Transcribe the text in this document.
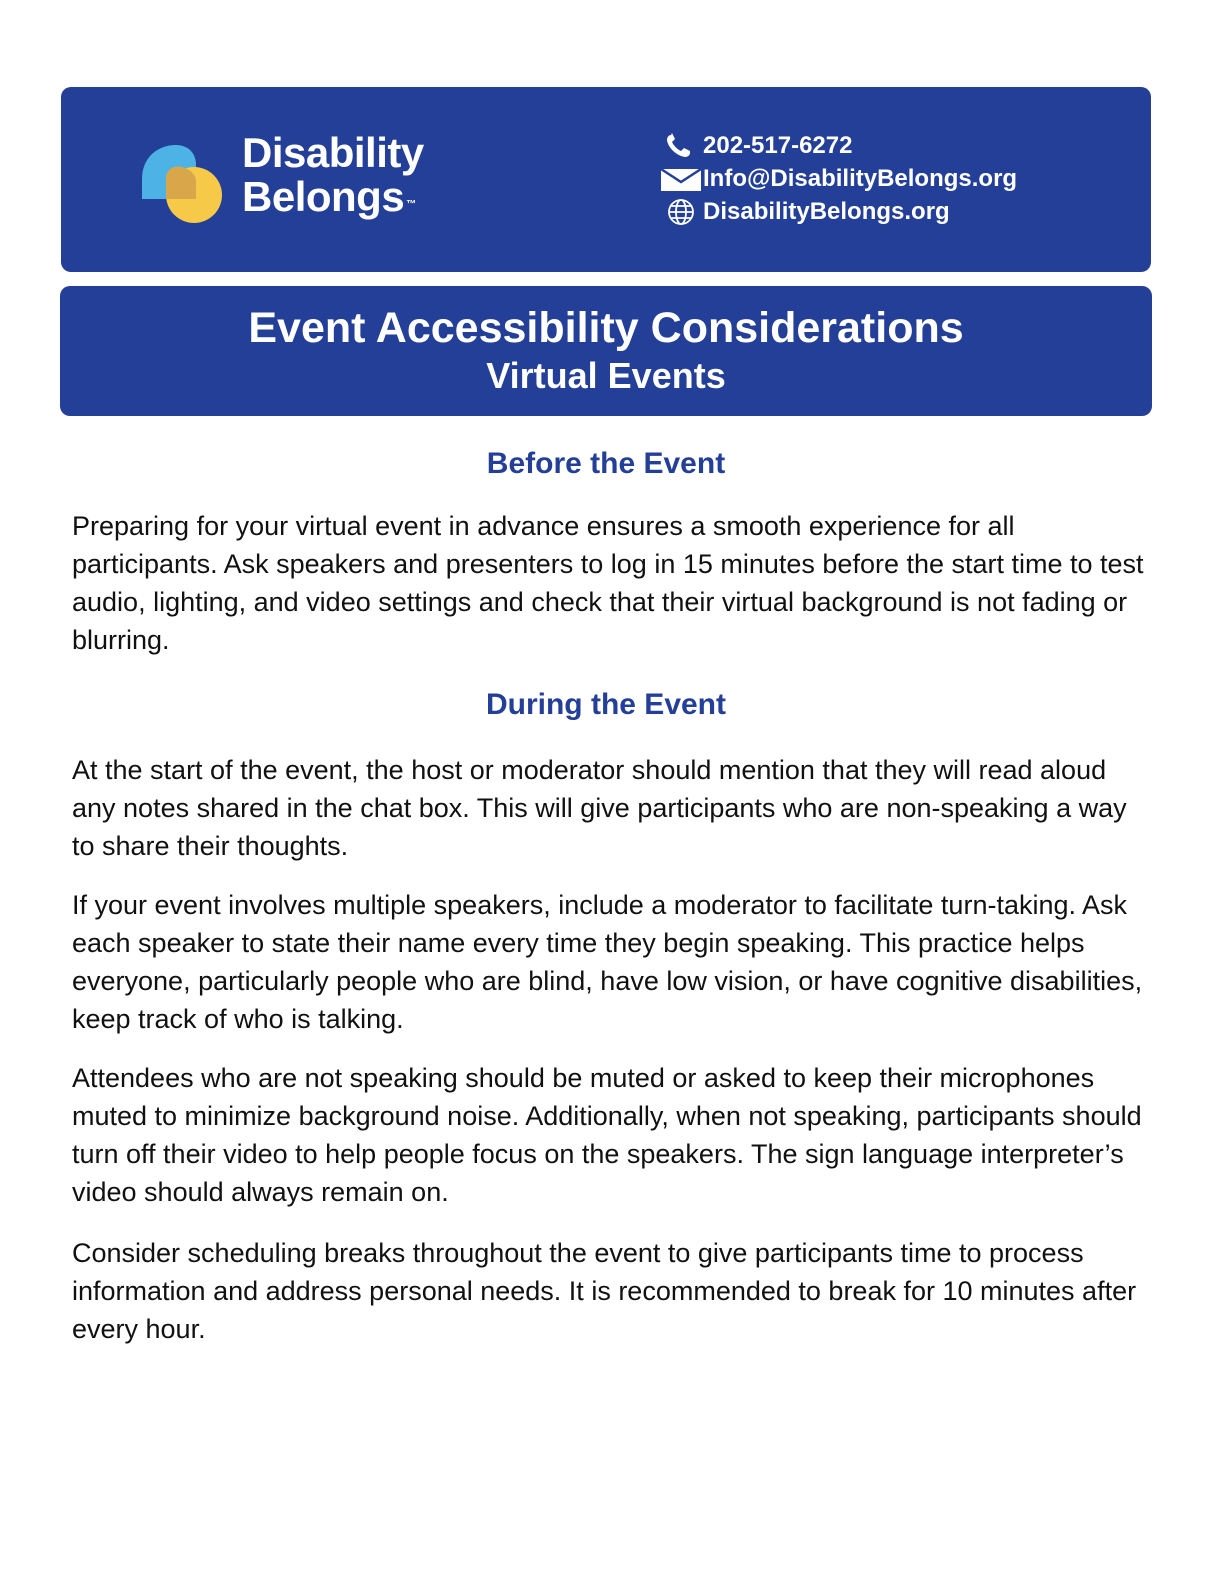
Disability
Belongs ™
202-517-6272
Info@DisabilityBelongs.org
DisabilityBelongs.org
Event Accessibility Considerations
Virtual Events
Before the Event

Preparing for your virtual event in advance ensures a smooth experience for all participants. Ask speakers and presenters to log in 15 minutes before the start time to test audio, lighting, and video settings and check that their virtual background is not fading or blurring.

During the Event

At the start of the event, the host or moderator should mention that they will read aloud any notes shared in the chat box. This will give participants who are non-speaking a way to share their thoughts.

If your event involves multiple speakers, include a moderator to facilitate turn-taking. Ask each speaker to state their name every time they begin speaking. This practice helps everyone, particularly people who are blind, have low vision, or have cognitive disabilities, keep track of who is talking.

Attendees who are not speaking should be muted or asked to keep their microphones muted to minimize background noise. Additionally, when not speaking, participants should turn off their video to help people focus on the speakers. The sign language interpreter’s video should always remain on.

Consider scheduling breaks throughout the event to give participants time to process information and address personal needs. It is recommended to break for 10 minutes after every hour.
